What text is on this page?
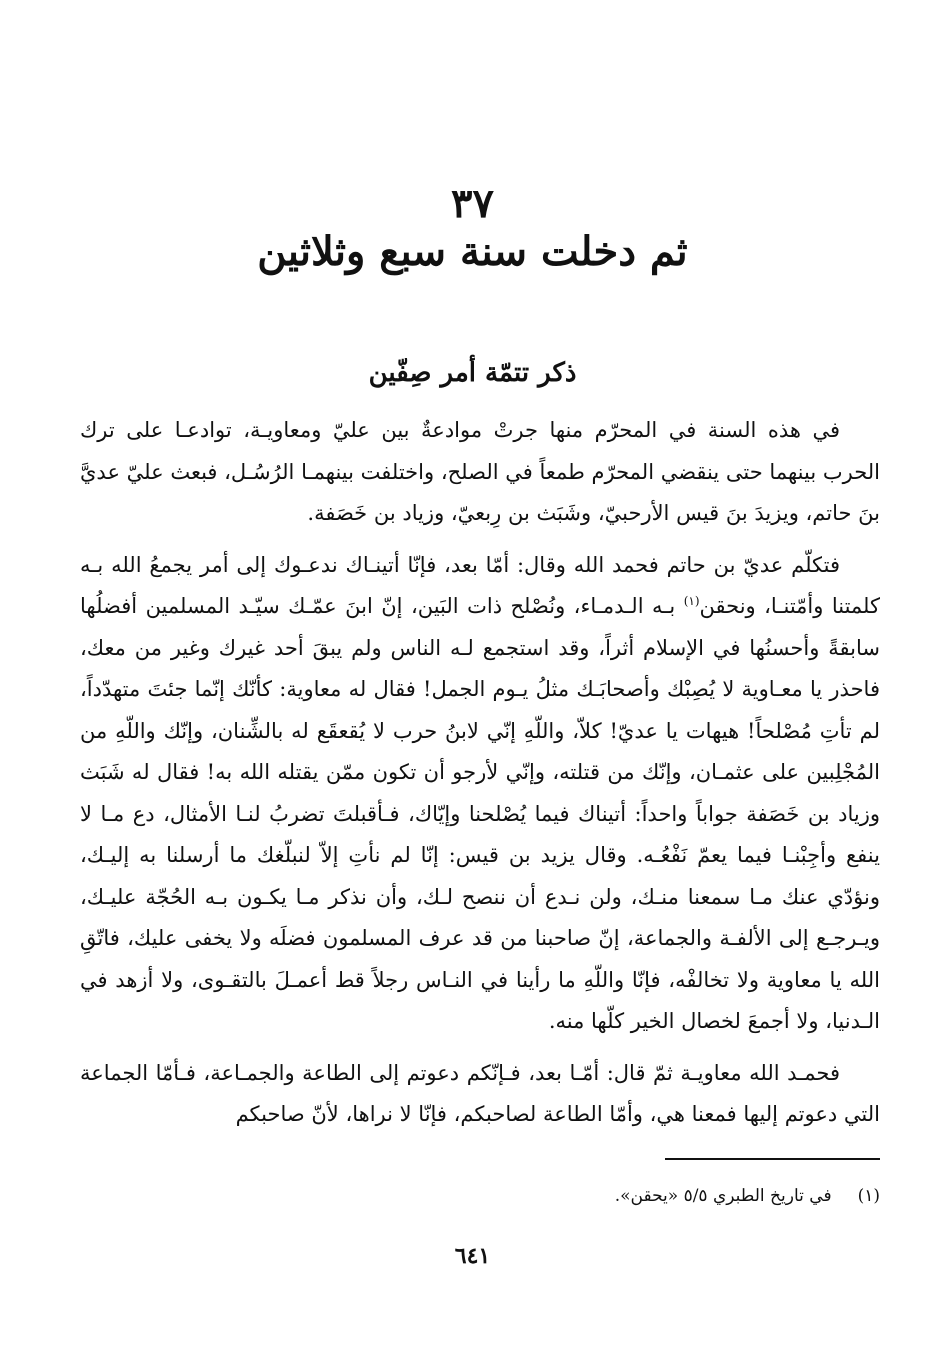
٣٧
ثم دخلت سنة سبع وثلاثين
ذكر تتمّة أمر صِفّين

في هذه السنة في المحرّم منها جرتْ موادعةٌ بين عليّ ومعاويـة، توادعـا على ترك الحرب بينهما حتى ينقضي المحرّم طمعاً في الصلح، واختلفت بينهمـا الرُسُـل، فبعث عليّ عديَّ بنَ حاتم، ويزيدَ بنَ قيس الأرحبيّ، وشَبَث بن رِبعيّ، وزياد بن خَصَفة.

فتكلّم عديّ بن حاتم فحمد الله وقال: أمّا بعد، فإنّا أتينـاك ندعـوك إلى أمر يجمعُ الله بـه كلمتنا وأمّتنـا، ونحقن$^{(١)}$ بـه الـدمـاء، ونُصْلح ذات البَين، إنّ ابنَ عمّـك سيّـد المسلمين أفضلُها سابقةً وأحسنُها في الإسلام أثراً، وقد استجمع لـه الناس ولم يبقَ أحد غيرك وغير من معك، فاحذر يا معـاوية لا يُصِبْك وأصحابَـك مثلُ يـوم الجمل! فقال له معاوية: كأنّك إنّما جئتَ متهدّداً، لم تأتِ مُصْلحاً! هيهات يا عديّ! كلاّ، واللّهِ إنّي لابنُ حرب لا يُقعقَع له بالشِّنان، وإنّك واللّهِ من المُجْلِبين على عثمـان، وإنّك من قتلته، وإنّي لأرجو أن تكون ممّن يقتله الله به! فقال له شَبَث وزياد بن خَصَفة جواباً واحداً: أتيناك فيما يُصْلحنا وإيّاك، فـأقبلتَ تضربُ لنـا الأمثال، دع مـا لا ينفع وأجِبْنـا فيما يعمّ نَفْعُـه. وقال يزيد بن قيس: إنّا لم نأتِ إلاّ لنبلّغك ما أرسلنا به إليـك، ونؤدّي عنك مـا سمعنا منـك، ولن نـدع أن ننصح لـك، وأن نذكر مـا يكـون بـه الحُجّة عليـك، ويـرجـع إلى الألفـة والجماعة، إنّ صاحبنا من قد عرف المسلمون فضلَه ولا يخفى عليك، فاتّقِ الله يا معاوية ولا تخالفْه، فإنّا واللّهِ ما رأينا في النـاس رجلاً قط أعمـلَ بالتقـوى، ولا أزهد في الـدنيا، ولا أجمعَ لخصال الخير كلّها منه.

فحمـد الله معاويـة ثمّ قال: أمّـا بعد، فـإنّكم دعوتم إلى الطاعة والجمـاعة، فـأمّا الجماعة التي دعوتم إليها فمعنا هي، وأمّا الطاعة لصاحبكم، فإنّا لا نراها، لأنّ صاحبكم

(١)في تاريخ الطبري ٥/٥ «يحقن».
٦٤١
